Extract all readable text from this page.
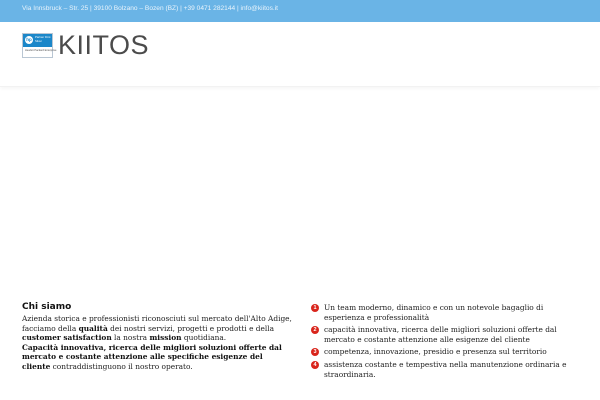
Via Innsbruck – Str. 25 | 39100 Bolzano – Bozen (BZ) | +39 0471 282144 | info@kiitos.it
hp	Partner First
Silver
Hewlett Packard Enterprise KIITOS
Chi siamo

Azienda storica e professionisti riconosciuti sul mercato dell'Alto Adige, facciamo della qualità dei nostri servizi, progetti e prodotti e della customer satisfaction la nostra mission quotidiana.
Capacità innovativa, ricerca delle migliori soluzioni offerte dal mercato e costante attenzione alle specifiche esigenze del cliente contraddistinguono il nostro operato.

1	Un team moderno, dinamico e con un notevole bagaglio di esperienza e professionalità
2	capacità innovativa, ricerca delle migliori soluzioni offerte dal mercato e costante attenzione alle esigenze del cliente
3	competenza, innovazione, presidio e presenza sul territorio
4	assistenza costante e tempestiva nella manutenzione ordinaria e straordinaria.
